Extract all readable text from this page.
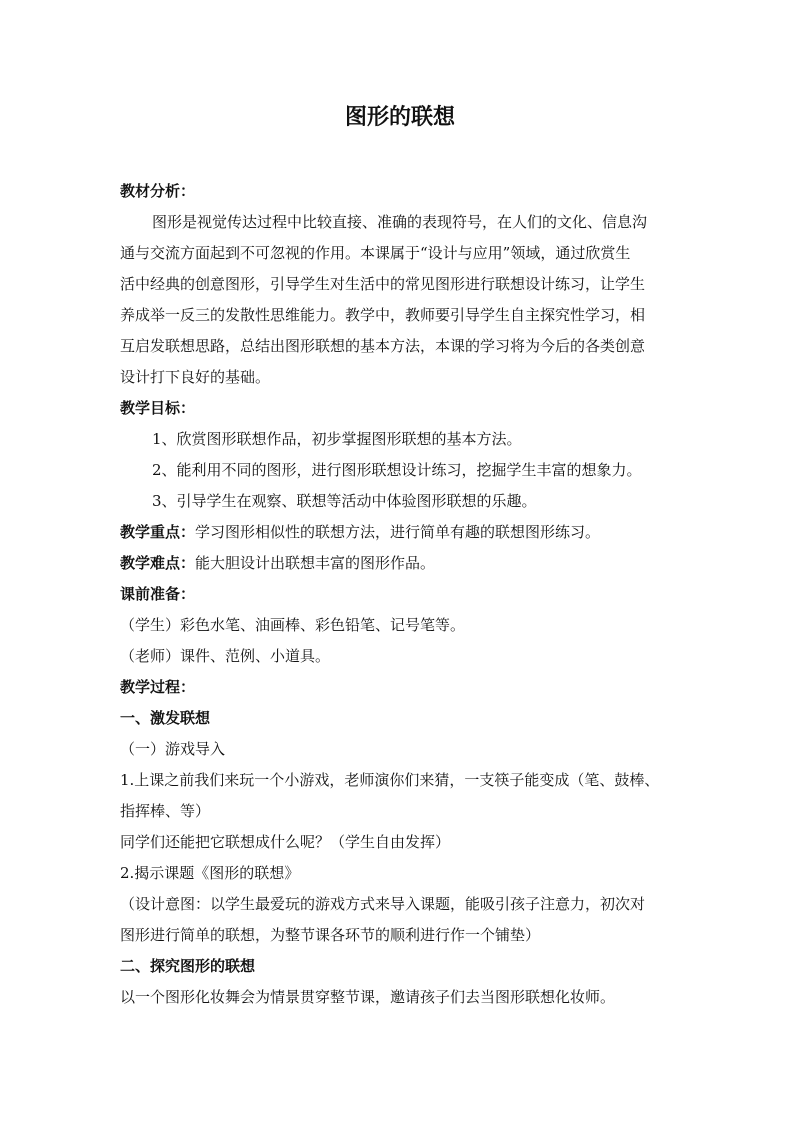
图形的联想

教材分析：

图形是视觉传达过程中比较直接、准确的表现符号，在人们的文化、信息沟

通与交流方面起到不可忽视的作用。本课属于“设计与应用”领域，通过欣赏生

活中经典的创意图形，引导学生对生活中的常见图形进行联想设计练习，让学生

养成举一反三的发散性思维能力。教学中，教师要引导学生自主探究性学习，相

互启发联想思路，总结出图形联想的基本方法，本课的学习将为今后的各类创意

设计打下良好的基础。

教学目标：

1、欣赏图形联想作品，初步掌握图形联想的基本方法。

2、能利用不同的图形，进行图形联想设计练习，挖掘学生丰富的想象力。

3、引导学生在观察、联想等活动中体验图形联想的乐趣。

教学重点：学习图形相似性的联想方法，进行简单有趣的联想图形练习。

教学难点：能大胆设计出联想丰富的图形作品。

课前准备：

（学生）彩色水笔、油画棒、彩色铅笔、记号笔等。

（老师）课件、范例、小道具。

教学过程：

一、激发联想

（一）游戏导入

1.上课之前我们来玩一个小游戏，老师演你们来猜，一支筷子能变成（笔、鼓棒、

指挥棒、等）

同学们还能把它联想成什么呢？（学生自由发挥）

2.揭示课题《图形的联想》

（设计意图：以学生最爱玩的游戏方式来导入课题，能吸引孩子注意力，初次对

图形进行简单的联想，为整节课各环节的顺利进行作一个铺垫）

二、探究图形的联想

以一个图形化妆舞会为情景贯穿整节课，邀请孩子们去当图形联想化妆师。
